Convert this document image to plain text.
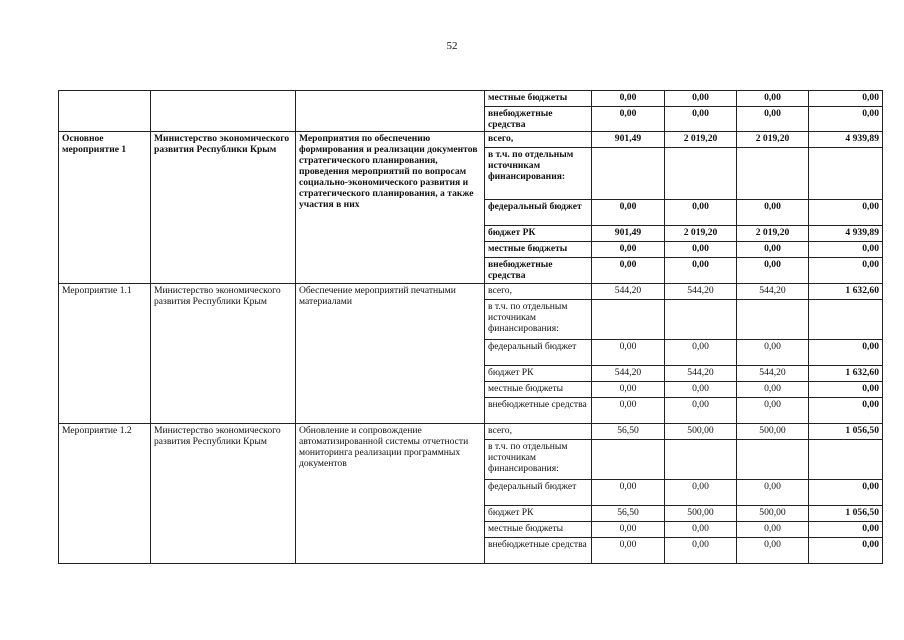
52
			местные бюджеты	0,00	0,00	0,00	0,00
			внебюджетные средства	0,00	0,00	0,00	0,00
Основное мероприятие 1	Министерство экономического развития Республики Крым	Мероприятия по обеспечению формирования и реализации документов стратегического планирования, проведения мероприятий по вопросам социально-экономического развития и стратегического планирования, а также участия в них	всего,	901,49	2 019,20	2 019,20	4 939,89
			в т.ч. по отдельным источникам финансирования:				
			федеральный бюджет	0,00	0,00	0,00	0,00
			бюджет РК	901,49	2 019,20	2 019,20	4 939,89
			местные бюджеты	0,00	0,00	0,00	0,00
			внебюджетные средства	0,00	0,00	0,00	0,00
Мероприятие 1.1	Министерство экономического развития Республики Крым	Обеспечение мероприятий печатными материалами	всего,	544,20	544,20	544,20	1 632,60
			в т.ч. по отдельным источникам финансирования:				
			федеральный бюджет	0,00	0,00	0,00	0,00
			бюджет РК	544,20	544,20	544,20	1 632,60
			местные бюджеты	0,00	0,00	0,00	0,00
			внебюджетные средства	0,00	0,00	0,00	0,00
Мероприятие 1.2	Министерство экономического развития Республики Крым	Обновление и сопровождение автоматизированной системы отчетности мониторинга реализации программных документов	всего,	56,50	500,00	500,00	1 056,50
			в т.ч. по отдельным источникам финансирования:				
			федеральный бюджет	0,00	0,00	0,00	0,00
			бюджет РК	56,50	500,00	500,00	1 056,50
			местные бюджеты	0,00	0,00	0,00	0,00
			внебюджетные средства	0,00	0,00	0,00	0,00
